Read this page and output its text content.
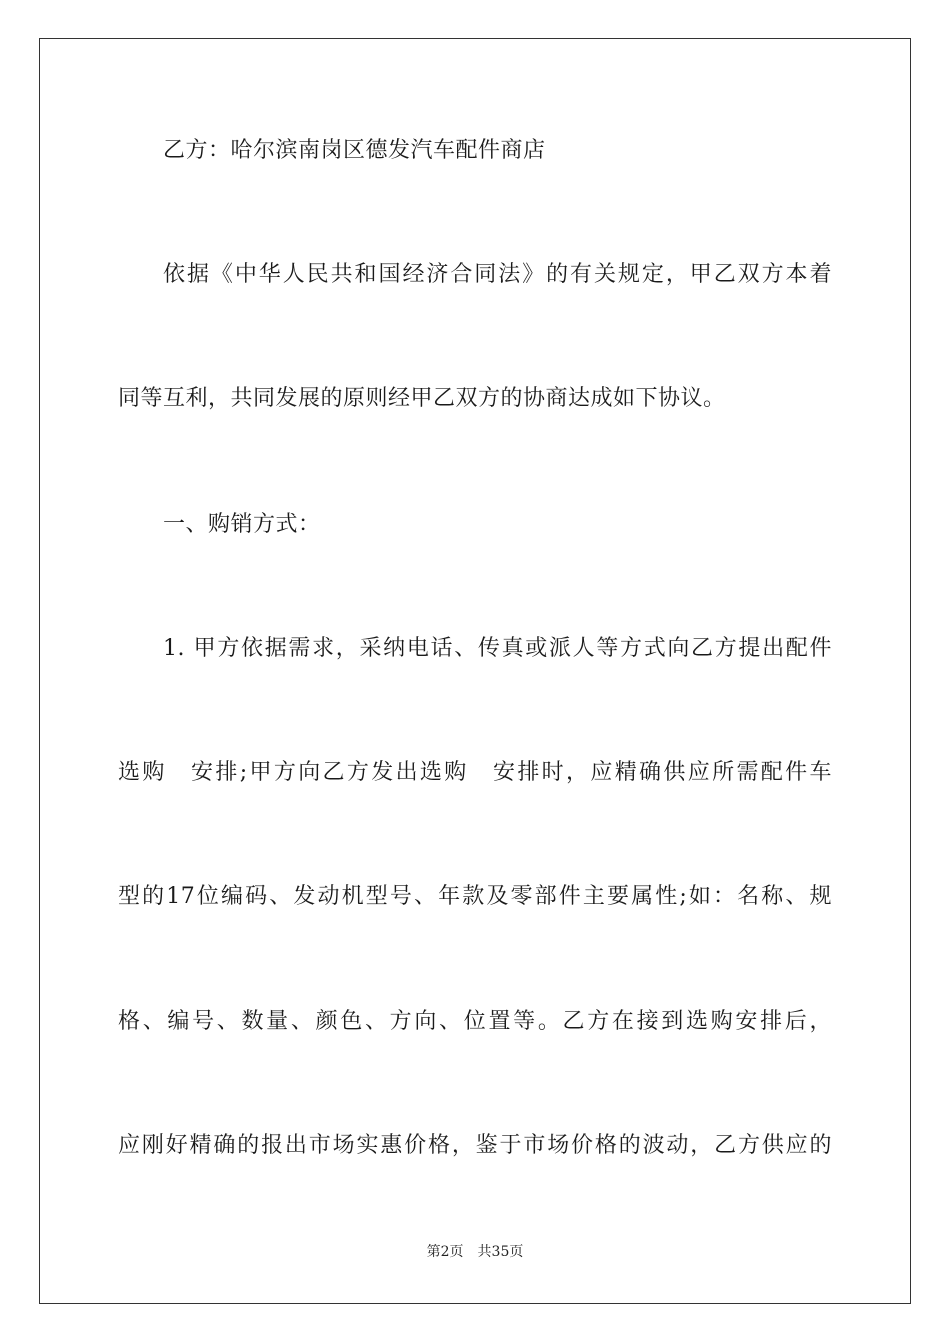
乙方：哈尔滨南岗区德发汽车配件商店
依据《中华人民共和国经济合同法》的有关规定，甲乙双方本着
同等互利，共同发展的原则经甲乙双方的协商达成如下协议。
一、购销方式：
1. 甲方依据需求，采纳电话、传真或派人等方式向乙方提出配件
选购　安排;甲方向乙方发出选购　安排时，应精确供应所需配件车
型的17位编码、发动机型号、年款及零部件主要属性;如：名称、规
格、编号、数量、颜色、方向、位置等。乙方在接到选购安排后，
应刚好精确的报出市场实惠价格，鉴于市场价格的波动，乙方供应的
第2页 共35页
